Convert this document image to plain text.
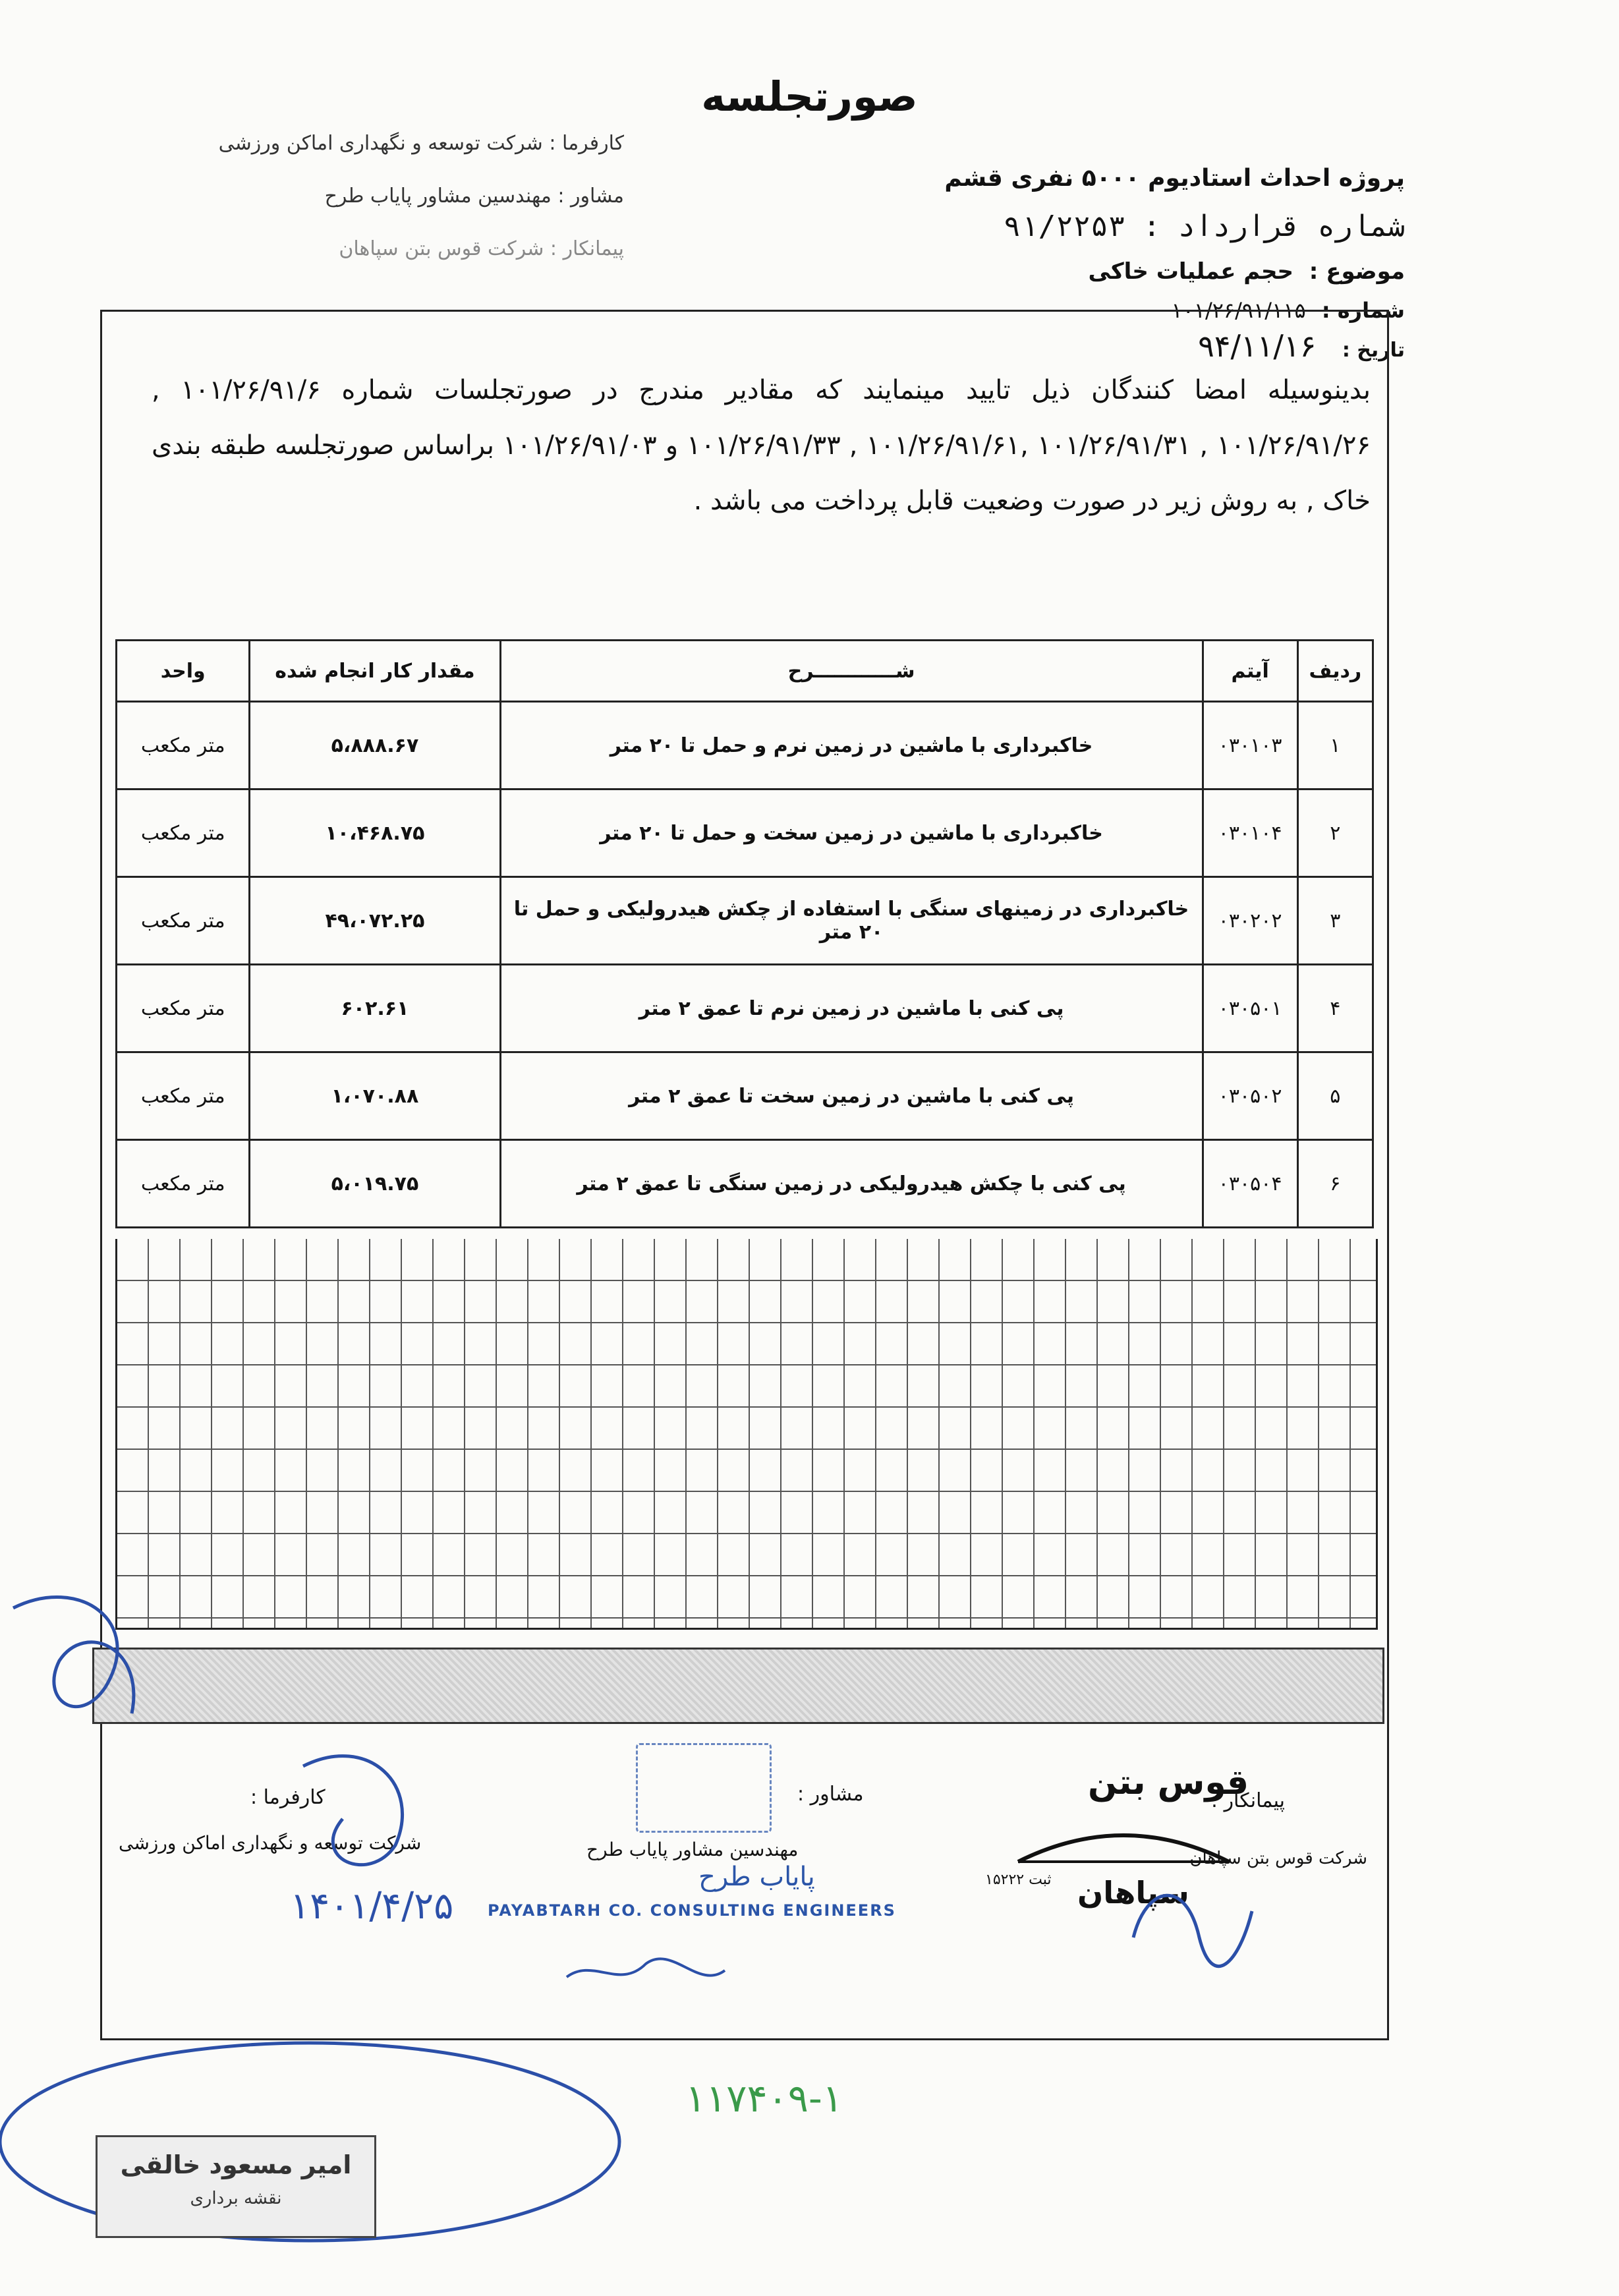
صورتجلسه
کارفرما : شرکت توسعه و نگهداری اماکن ورزشی
مشاور : مهندسین مشاور پایاب طرح
پیمانکار : شرکت قوس بتن سپاهان
پروژه احداث استادیوم ۵۰۰۰ نفری قشم
شماره قرارداد : ۹۱/۲۲۵۳
موضوع : حجم عملیات خاکی
شماره : ۱۰۱/۲۶/۹۱/۱۱۵
تاریخ : ۹۴/۱۱/۱۶
بدینوسیله امضا کنندگان ذیل تایید مینمایند که مقادیر مندرج در صورتجلسات شماره ۱۰۱/۲۶/۹۱/۶ , ۱۰۱/۲۶/۹۱/۲۶ , ۱۰۱/۲۶/۹۱/۳۱ ,۱۰۱/۲۶/۹۱/۶۱ , ۱۰۱/۲۶/۹۱/۳۳ و ۱۰۱/۲۶/۹۱/۰۳ براساس صورتجلسه طبقه بندی خاک , به روش زیر در صورت وضعیت قابل پرداخت می باشد .
ردیف	آیتم	شــــــــــــرح	مقدار کار انجام شده	واحد
۱	۰۳۰۱۰۳	خاکبرداری با ماشین در زمین نرم و حمل تا ۲۰ متر	۵،۸۸۸.۶۷	متر مکعب
۲	۰۳۰۱۰۴	خاکبرداری با ماشین در زمین سخت و حمل تا ۲۰ متر	۱۰،۴۶۸.۷۵	متر مکعب
۳	۰۳۰۲۰۲	خاکبرداری در زمینهای سنگی با استفاده از چکش هیدرولیکی و حمل تا ۲۰ متر	۴۹،۰۷۲.۲۵	متر مکعب
۴	۰۳۰۵۰۱	پی کنی با ماشین در زمین نرم تا عمق ۲ متر	۶۰۲.۶۱	متر مکعب
۵	۰۳۰۵۰۲	پی کنی با ماشین در زمین سخت تا عمق ۲ متر	۱،۰۷۰.۸۸	متر مکعب
۶	۰۳۰۵۰۴	پی کنی با چکش هیدرولیکی در زمین سنگی تا عمق ۲ متر	۵،۰۱۹.۷۵	متر مکعب
پیمانکار :
شرکت قوس بتن سپاهان
قوس بتن
سپاهان
ثبت ۱۵۲۲۲
مشاور :
مهندسین مشاور پایاب طرح
پایاب طرح
PAYABTARH CO. CONSULTING ENGINEERS
کارفرما :
شرکت توسعه و نگهداری اماکن ورزشی
۱۴۰۱/۴/۲۵
۱۱۷۴۰۹-۱
امیر مسعود خالقی
نقشه برداری
